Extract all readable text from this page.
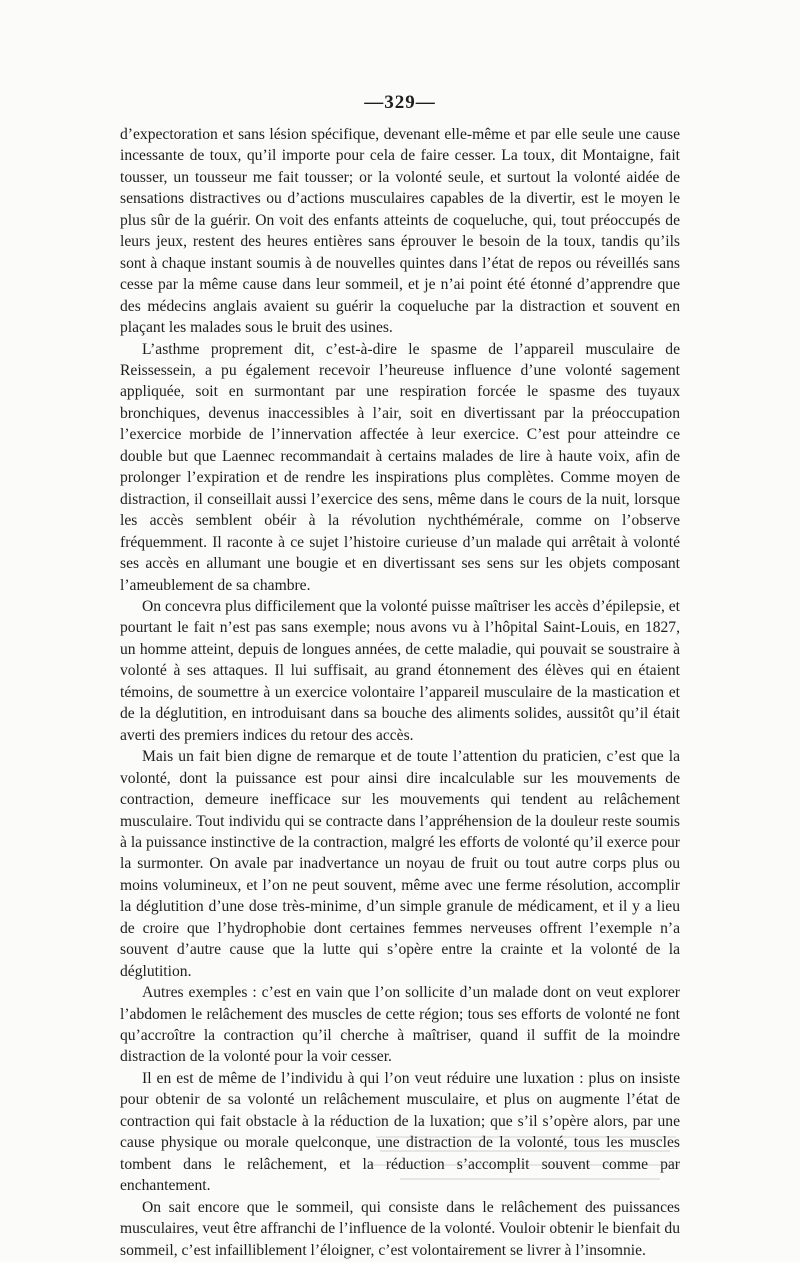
—329—

d’expectoration et sans lésion spécifique, devenant elle-même et par elle seule une cause incessante de toux, qu’il importe pour cela de faire cesser. La toux, dit Montaigne, fait tousser, un tousseur me fait tousser; or la volonté seule, et surtout la volonté aidée de sensations distractives ou d’actions musculaires capables de la divertir, est le moyen le plus sûr de la guérir. On voit des enfants atteints de coqueluche, qui, tout préoccupés de leurs jeux, restent des heures entières sans éprouver le besoin de la toux, tandis qu’ils sont à chaque instant soumis à de nouvelles quintes dans l’état de repos ou réveillés sans cesse par la même cause dans leur sommeil, et je n’ai point été étonné d’apprendre que des médecins anglais avaient su guérir la coqueluche par la distraction et souvent en plaçant les malades sous le bruit des usines.

L’asthme proprement dit, c’est-à-dire le spasme de l’appareil musculaire de Reissessein, a pu également recevoir l’heureuse influence d’une volonté sagement appliquée, soit en surmontant par une respiration forcée le spasme des tuyaux bronchiques, devenus inaccessibles à l’air, soit en divertissant par la préoccupation l’exercice morbide de l’innervation affectée à leur exercice. C’est pour atteindre ce double but que Laennec recommandait à certains malades de lire à haute voix, afin de prolonger l’expiration et de rendre les inspirations plus complètes. Comme moyen de distraction, il conseillait aussi l’exercice des sens, même dans le cours de la nuit, lorsque les accès semblent obéir à la révolution nychthémérale, comme on l’observe fréquemment. Il raconte à ce sujet l’histoire curieuse d’un malade qui arrêtait à volonté ses accès en allumant une bougie et en divertissant ses sens sur les objets composant l’ameublement de sa chambre.

On concevra plus difficilement que la volonté puisse maîtriser les accès d’épilepsie, et pourtant le fait n’est pas sans exemple; nous avons vu à l’hôpital Saint-Louis, en 1827, un homme atteint, depuis de longues années, de cette maladie, qui pouvait se soustraire à volonté à ses attaques. Il lui suffisait, au grand étonnement des élèves qui en étaient témoins, de soumettre à un exercice volontaire l’appareil musculaire de la mastication et de la déglutition, en introduisant dans sa bouche des aliments solides, aussitôt qu’il était averti des premiers indices du retour des accès.

Mais un fait bien digne de remarque et de toute l’attention du praticien, c’est que la volonté, dont la puissance est pour ainsi dire incalculable sur les mouvements de contraction, demeure inefficace sur les mouvements qui tendent au relâchement musculaire. Tout individu qui se contracte dans l’appréhension de la douleur reste soumis à la puissance instinctive de la contraction, malgré les efforts de volonté qu’il exerce pour la surmonter. On avale par inadvertance un noyau de fruit ou tout autre corps plus ou moins volumineux, et l’on ne peut souvent, même avec une ferme résolution, accomplir la déglutition d’une dose très-minime, d’un simple granule de médicament, et il y a lieu de croire que l’hydrophobie dont certaines femmes nerveuses offrent l’exemple n’a souvent d’autre cause que la lutte qui s’opère entre la crainte et la volonté de la déglutition.

Autres exemples : c’est en vain que l’on sollicite d’un malade dont on veut explorer l’abdomen le relâchement des muscles de cette région; tous ses efforts de volonté ne font qu’accroître la contraction qu’il cherche à maîtriser, quand il suffit de la moindre distraction de la volonté pour la voir cesser.

Il en est de même de l’individu à qui l’on veut réduire une luxation : plus on insiste pour obtenir de sa volonté un relâchement musculaire, et plus on augmente l’état de contraction qui fait obstacle à la réduction de la luxation; que s’il s’opère alors, par une cause physique ou morale quelconque, une distraction de la volonté, tous les muscles tombent dans le relâchement, et la réduction s’accomplit souvent comme par enchantement.

On sait encore que le sommeil, qui consiste dans le relâchement des puissances musculaires, veut être affranchi de l’influence de la volonté. Vouloir obtenir le bienfait du sommeil, c’est infailliblement l’éloigner, c’est volontairement se livrer à l’insomnie.
